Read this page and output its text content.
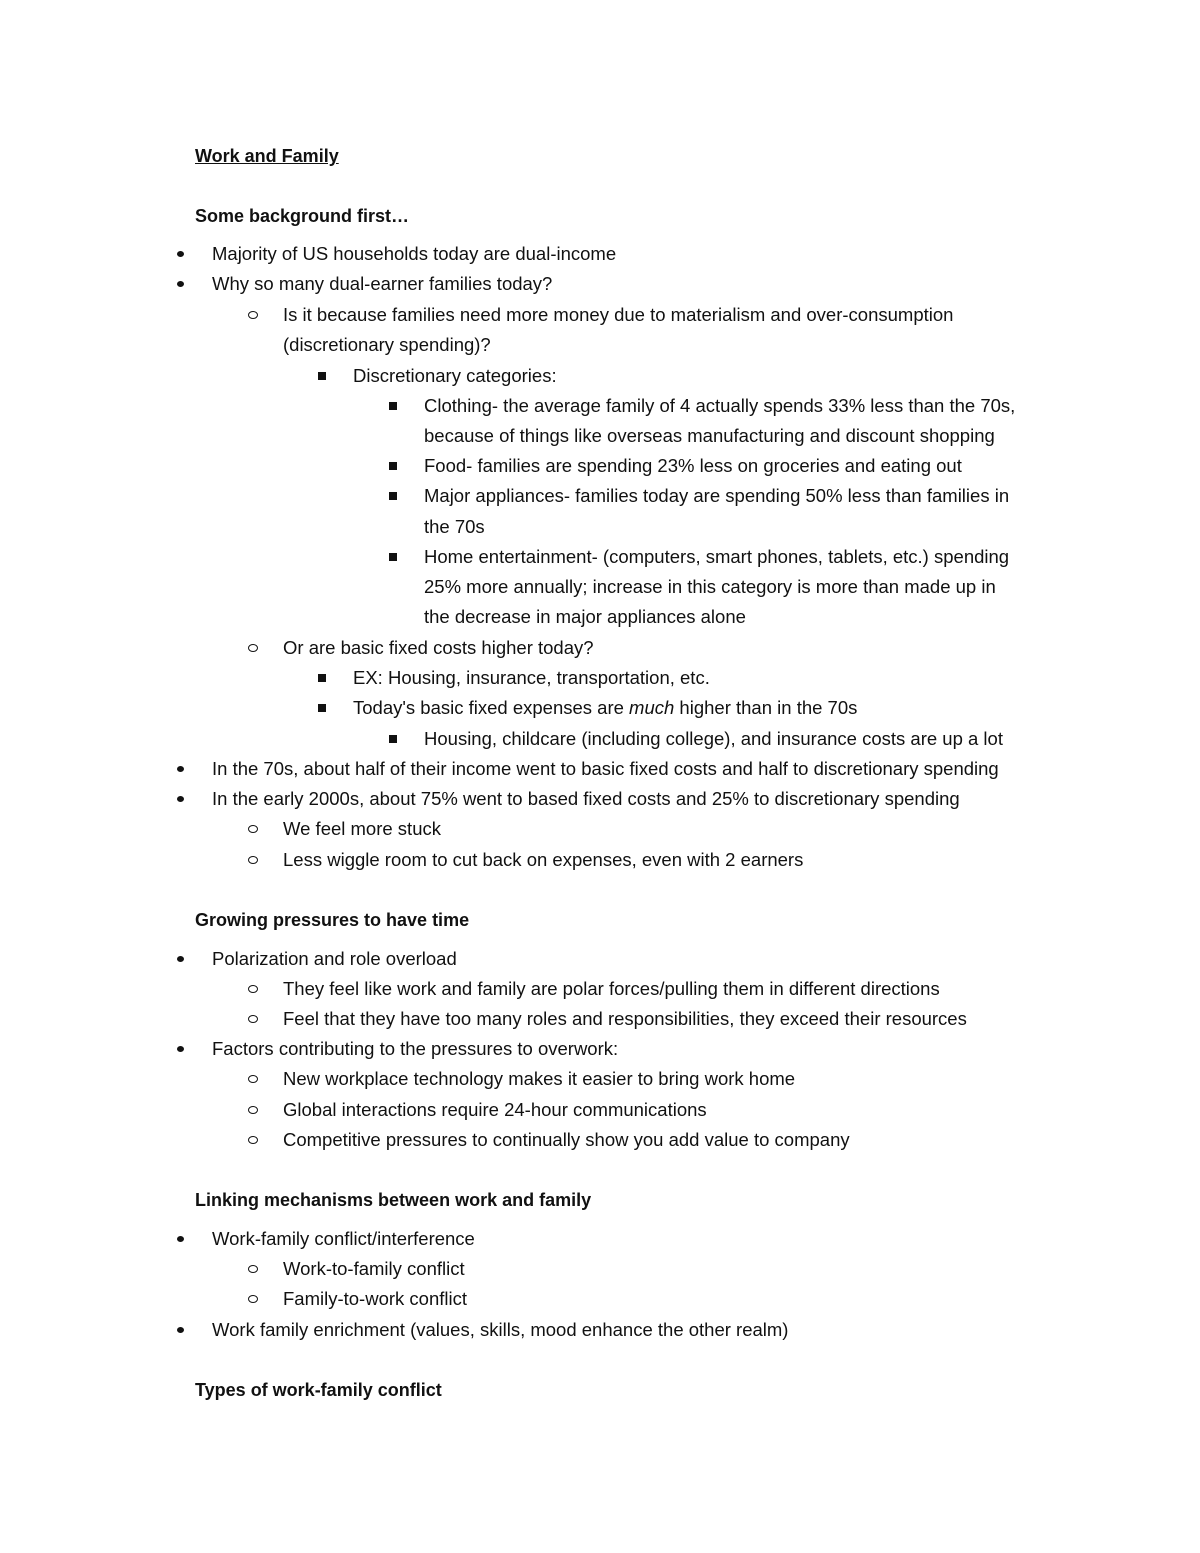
Work and Family
Some background first…
Majority of US households today are dual-income
Why so many dual-earner families today?
Is it because families need more money due to materialism and over-consumption
(discretionary spending)?
Discretionary categories:
Clothing- the average family of 4 actually spends 33% less than the 70s,
because of things like overseas manufacturing and discount shopping
Food- families are spending 23% less on groceries and eating out
Major appliances- families today are spending 50% less than families in
the 70s
Home entertainment- (computers, smart phones, tablets, etc.) spending
25% more annually; increase in this category is more than made up in
the decrease in major appliances alone
Or are basic fixed costs higher today?
EX: Housing, insurance, transportation, etc.
Today's basic fixed expenses are much higher than in the 70s
Housing, childcare (including college), and insurance costs are up a lot
In the 70s, about half of their income went to basic fixed costs and half to discretionary spending
In the early 2000s, about 75% went to based fixed costs and 25% to discretionary spending
We feel more stuck
Less wiggle room to cut back on expenses, even with 2 earners
Growing pressures to have time
Polarization and role overload
They feel like work and family are polar forces/pulling them in different directions
Feel that they have too many roles and responsibilities, they exceed their resources
Factors contributing to the pressures to overwork:
New workplace technology makes it easier to bring work home
Global interactions require 24-hour communications
Competitive pressures to continually show you add value to company
Linking mechanisms between work and family
Work-family conflict/interference
Work-to-family conflict
Family-to-work conflict
Work family enrichment (values, skills, mood enhance the other realm)
Types of work-family conflict
